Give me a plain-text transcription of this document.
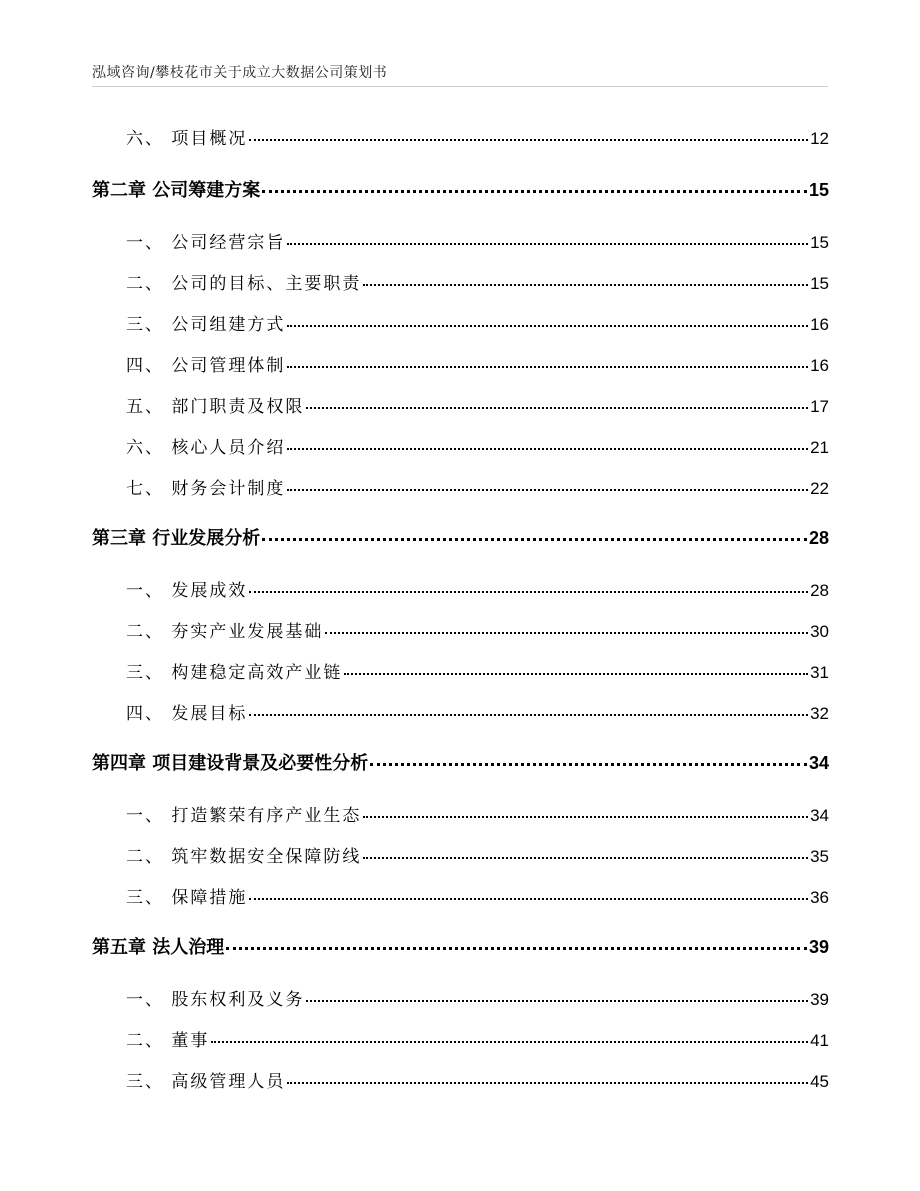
泓域咨询/攀枝花市关于成立大数据公司策划书
六、 项目概况	12
第二章 公司筹建方案	15
一、 公司经营宗旨	15
二、 公司的目标、主要职责	15
三、 公司组建方式	16
四、 公司管理体制	16
五、 部门职责及权限	17
六、 核心人员介绍	21
七、 财务会计制度	22
第三章 行业发展分析	28
一、 发展成效	28
二、 夯实产业发展基础	30
三、 构建稳定高效产业链	31
四、 发展目标	32
第四章 项目建设背景及必要性分析	34
一、 打造繁荣有序产业生态	34
二、 筑牢数据安全保障防线	35
三、 保障措施	36
第五章 法人治理	39
一、 股东权利及义务	39
二、 董事	41
三、 高级管理人员	45
